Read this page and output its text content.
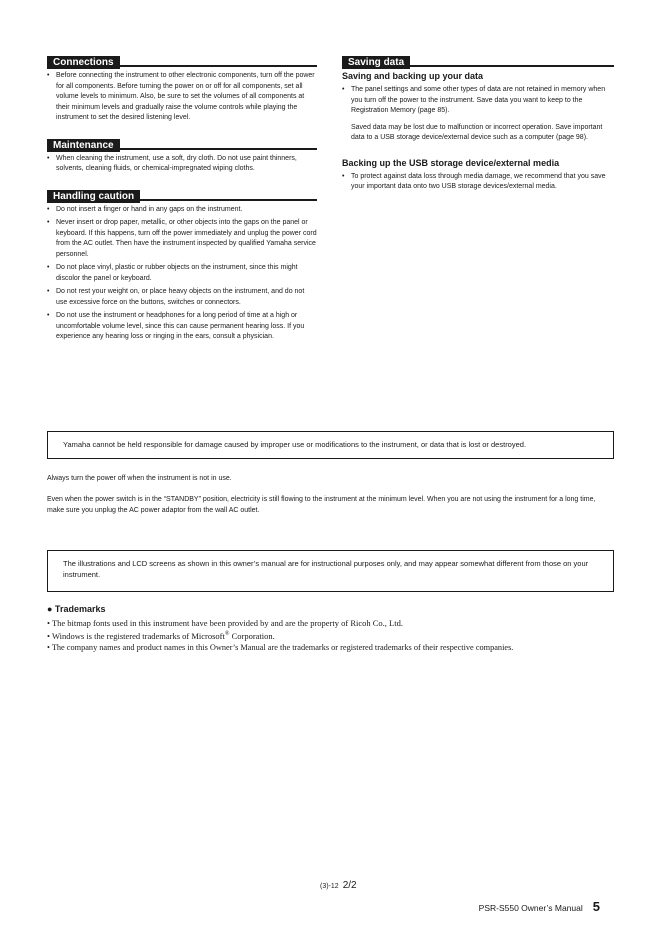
Connections
• Before connecting the instrument to other electronic components, turn off the power for all components. Before turning the power on or off for all components, set all volume levels to minimum. Also, be sure to set the volumes of all components at their minimum levels and gradually raise the volume controls while playing the instrument to set the desired listening level.
Maintenance
• When cleaning the instrument, use a soft, dry cloth. Do not use paint thinners, solvents, cleaning fluids, or chemical-impregnated wiping cloths.
Handling caution
• Do not insert a finger or hand in any gaps on the instrument.
• Never insert or drop paper, metallic, or other objects into the gaps on the panel or keyboard. If this happens, turn off the power immediately and unplug the power cord from the AC outlet. Then have the instrument inspected by qualified Yamaha service personnel.
• Do not place vinyl, plastic or rubber objects on the instrument, since this might discolor the panel or keyboard.
• Do not rest your weight on, or place heavy objects on the instrument, and do not use excessive force on the buttons, switches or connectors.
• Do not use the instrument or headphones for a long period of time at a high or uncomfortable volume level, since this can cause permanent hearing loss. If you experience any hearing loss or ringing in the ears, consult a physician.
Saving data
Saving and backing up your data
• The panel settings and some other types of data are not retained in memory when you turn off the power to the instrument. Save data you want to keep to the Registration Memory (page 85).
Saved data may be lost due to malfunction or incorrect operation. Save important data to a USB storage device/external device such as a computer (page 98).
Backing up the USB storage device/external media
• To protect against data loss through media damage, we recommend that you save your important data onto two USB storage devices/external media.
Yamaha cannot be held responsible for damage caused by improper use or modifications to the instrument, or data that is lost or destroyed.
Always turn the power off when the instrument is not in use.
Even when the power switch is in the “STANDBY” position, electricity is still flowing to the instrument at the minimum level. When you are not using the instrument for a long time, make sure you unplug the AC power adaptor from the wall AC outlet.
The illustrations and LCD screens as shown in this owner’s manual are for instructional purposes only, and may appear somewhat different from those on your instrument.
● Trademarks
• The bitmap fonts used in this instrument have been provided by and are the property of Ricoh Co., Ltd.
• Windows is the registered trademarks of Microsoft® Corporation.
• The company names and product names in this Owner’s Manual are the trademarks or registered trademarks of their respective companies.
(3)-12 2/2
PSR-S550 Owner’s Manual 5
